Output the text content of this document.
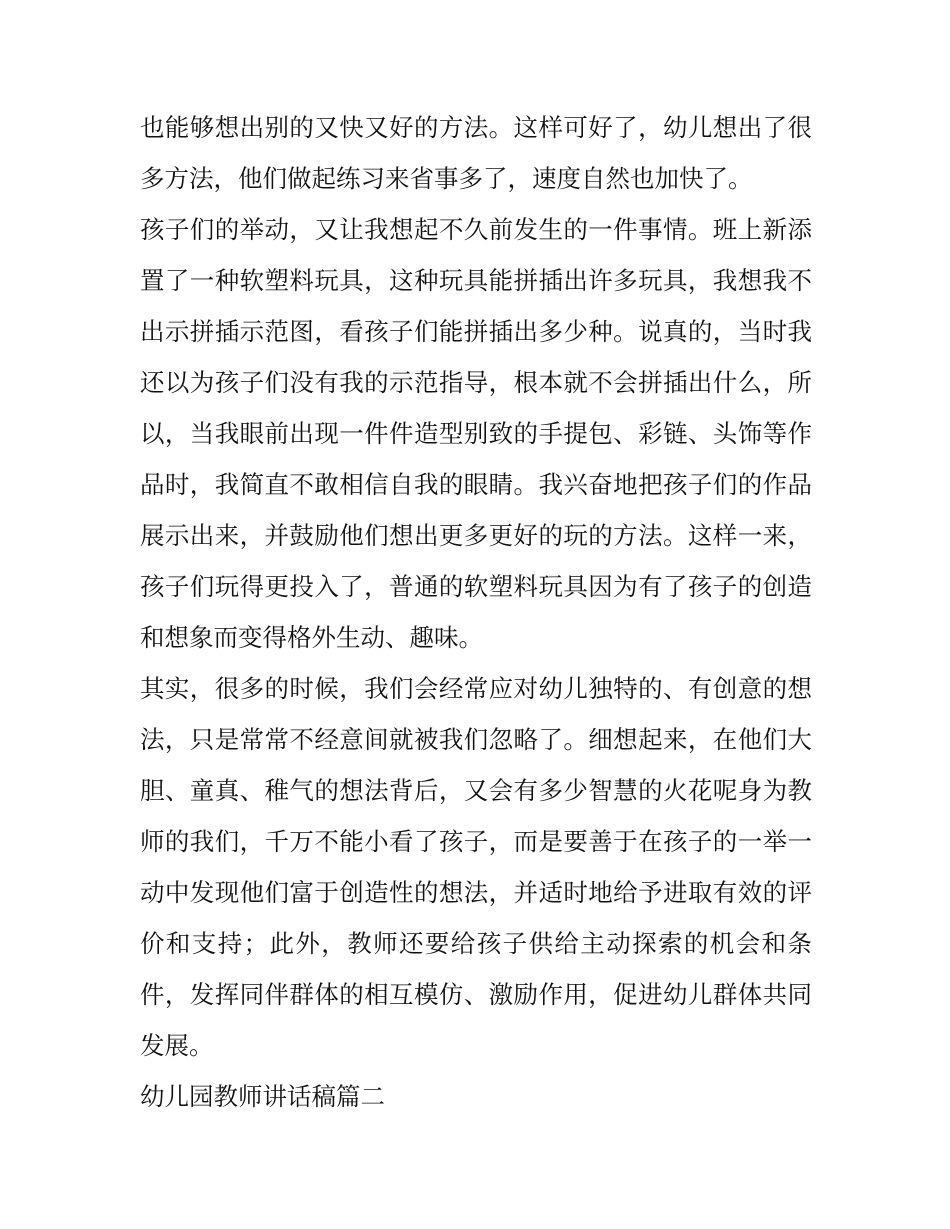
也能够想出别的又快又好的方法。这样可好了，幼儿想出了很
多方法，他们做起练习来省事多了，速度自然也加快了。
孩子们的举动，又让我想起不久前发生的一件事情。班上新添
置了一种软塑料玩具，这种玩具能拼插出许多玩具，我想我不
出示拼插示范图，看孩子们能拼插出多少种。说真的，当时我
还以为孩子们没有我的示范指导，根本就不会拼插出什么，所
以，当我眼前出现一件件造型别致的手提包、彩链、头饰等作
品时，我简直不敢相信自我的眼睛。我兴奋地把孩子们的作品
展示出来，并鼓励他们想出更多更好的玩的方法。这样一来，
孩子们玩得更投入了，普通的软塑料玩具因为有了孩子的创造
和想象而变得格外生动、趣味。
其实，很多的时候，我们会经常应对幼儿独特的、有创意的想
法，只是常常不经意间就被我们忽略了。细想起来，在他们大
胆、童真、稚气的想法背后，又会有多少智慧的火花呢身为教
师的我们，千万不能小看了孩子，而是要善于在孩子的一举一
动中发现他们富于创造性的想法，并适时地给予进取有效的评
价和支持；此外，教师还要给孩子供给主动探索的机会和条
件，发挥同伴群体的相互模仿、激励作用，促进幼儿群体共同
发展。
幼儿园教师讲话稿篇二
